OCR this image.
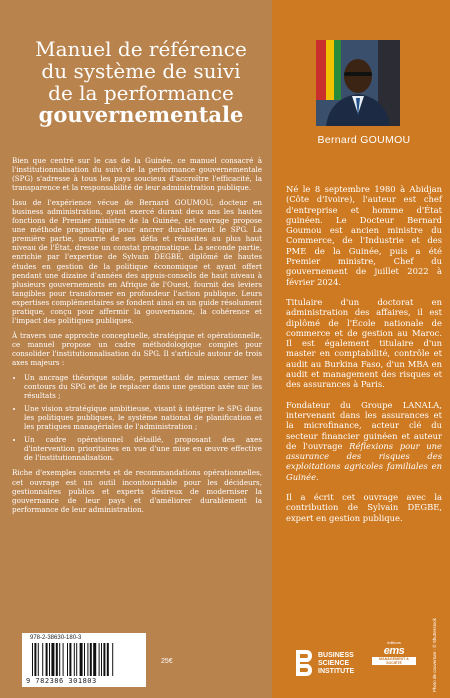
Manuel de référence
du système de suivi
de la performance
gouvernementale

Bien que centré sur le cas de la Guinée, ce manuel consacré à l'institutionnalisation du suivi de la performance gouvernementale (SPG) s'adresse à tous les pays soucieux d'accroître l'efficacité, la transparence et la responsabilité de leur administration publique.

Issu de l'expérience vécue de Bernard GOUMOU, docteur en business administration, ayant exercé durant deux ans les hautes fonctions de Premier ministre de la Guinée, cet ouvrage propose une méthode pragmatique pour ancrer durablement le SPG. La première partie, nourrie de ses défis et réussites au plus haut niveau de l'État, dresse un constat pragmatique. La seconde partie, enrichie par l'expertise de Sylvain DEGBE, diplômé de hautes études en gestion de la politique économique et ayant offert pendant une dizaine d'années des appuis-conseils de haut niveau à plusieurs gouvernements en Afrique de l'Ouest, fournit des leviers tangibles pour transformer en profondeur l'action publique. Leurs expertises complémentaires se fondent ainsi en un guide résolument pratique, conçu pour affermir la gouvernance, la cohérence et l'impact des politiques publiques.

À travers une approche conceptuelle, stratégique et opérationnelle, ce manuel propose un cadre méthodologique complet pour consolider l'institutionnalisation du SPG. Il s'articule autour de trois axes majeurs :

• Un ancrage théorique solide, permettant de mieux cerner les contours du SPG et de le replacer dans une gestion axée sur les résultats ;
• Une vision stratégique ambitieuse, visant à intégrer le SPG dans les politiques publiques, le système national de planification et les pratiques managériales de l'administration ;
• Un cadre opérationnel détaillé, proposant des axes d'intervention prioritaires en vue d'une mise en œuvre effective de l'institutionnalisation.

Riche d'exemples concrets et de recommandations opérationnelles, cet ouvrage est un outil incontournable pour les décideurs, gestionnaires publics et experts désireux de moderniser la gouvernance de leur pays et d'améliorer durablement la performance de leur administration.

Bernard GOUMOU

Né le 8 septembre 1980 à Abidjan (Côte d'Ivoire), l'auteur est chef d'entreprise et homme d'État guinéen. Le Docteur Bernard Goumou est ancien ministre du Commerce, de l'Industrie et des PME de la Guinée, puis a été Premier ministre, Chef du gouvernement de juillet 2022 à février 2024.

Titulaire d'un doctorat en administration des affaires, il est diplômé de l'École nationale de commerce et de gestion au Maroc. Il est également titulaire d'un master en comptabilité, contrôle et audit au Burkina Faso, d'un MBA en audit et management des risques et des assurances à Paris.

Fondateur du Groupe LANALA, intervenant dans les assurances et la microfinance, acteur clé du secteur financier guinéen et auteur de l'ouvrage Réflexions pour une assurance des risques des exploitations agricoles familiales en Guinée.

Il a écrit cet ouvrage avec la contribution de Sylvain DEGBE, expert en gestion publique.

978-2-38630-180-3
9 782386 301803
25€
BUSINESS
SCIENCE
INSTITUTE
éditions
ems
MANAGEMENT & SOCIÉTÉ	Photo de couverture : © Shutterstock
